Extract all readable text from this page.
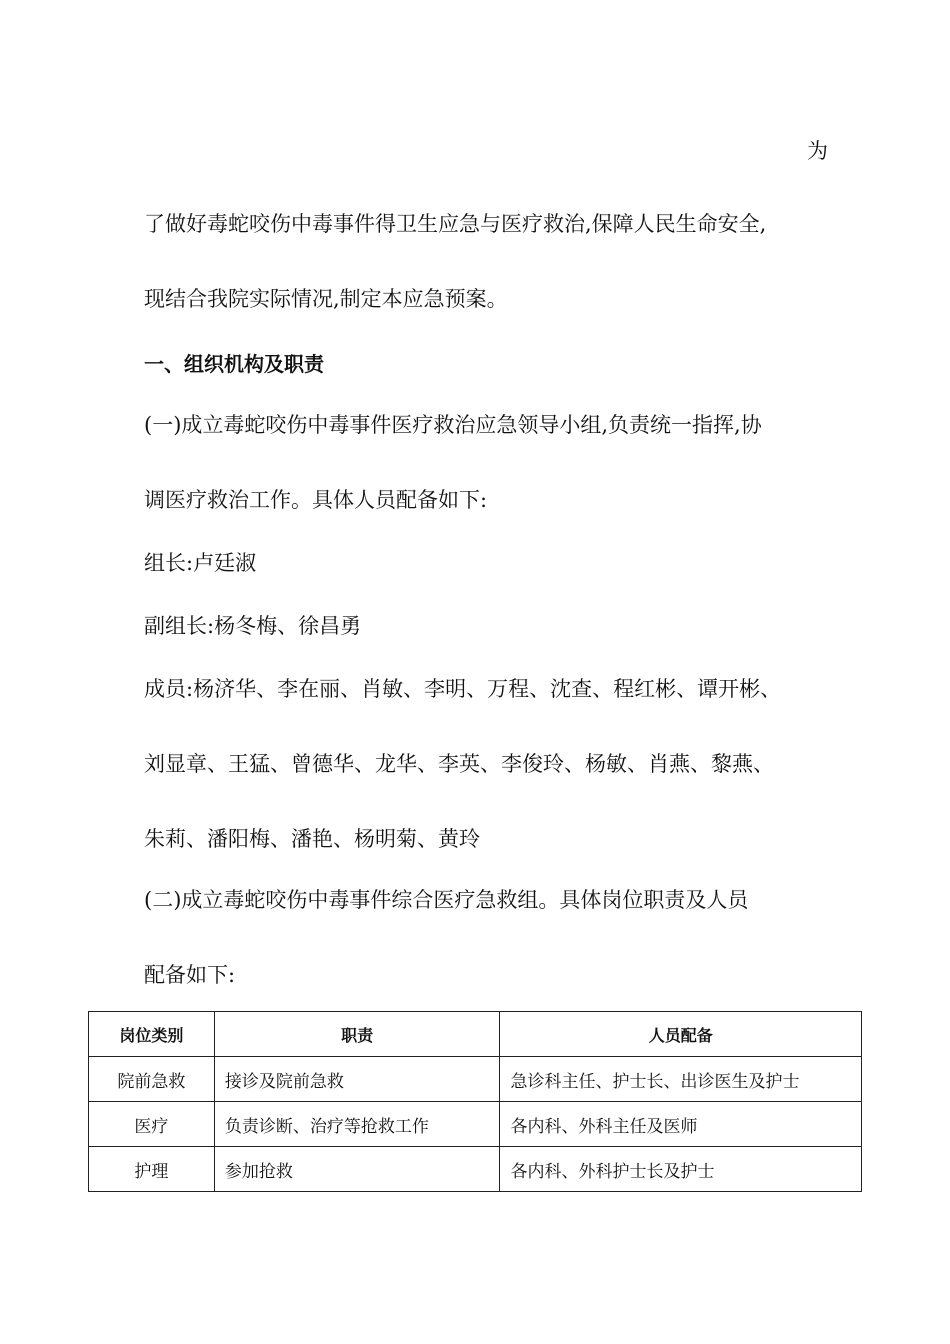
为
了做好毒蛇咬伤中毒事件得卫生应急与医疗救治,保障人民生命安全,
现结合我院实际情况,制定本应急预案。
一、组织机构及职责
(一)成立毒蛇咬伤中毒事件医疗救治应急领导小组,负责统一指挥,协
调医疗救治工作。具体人员配备如下:
组长:卢廷淑
副组长:杨冬梅、徐昌勇
成员:杨济华、李在丽、肖敏、李明、万程、沈查、程红彬、谭开彬、
刘显章、王猛、曾德华、龙华、李英、李俊玲、杨敏、肖燕、黎燕、
朱莉、潘阳梅、潘艳、杨明菊、黄玲
(二)成立毒蛇咬伤中毒事件综合医疗急救组。具体岗位职责及人员
配备如下:
岗位类别	职责	人员配备
院前急救	接诊及院前急救	急诊科主任、护士长、出诊医生及护士
医疗	负责诊断、治疗等抢救工作	各内科、外科主任及医师
护理	参加抢救	各内科、外科护士长及护士
